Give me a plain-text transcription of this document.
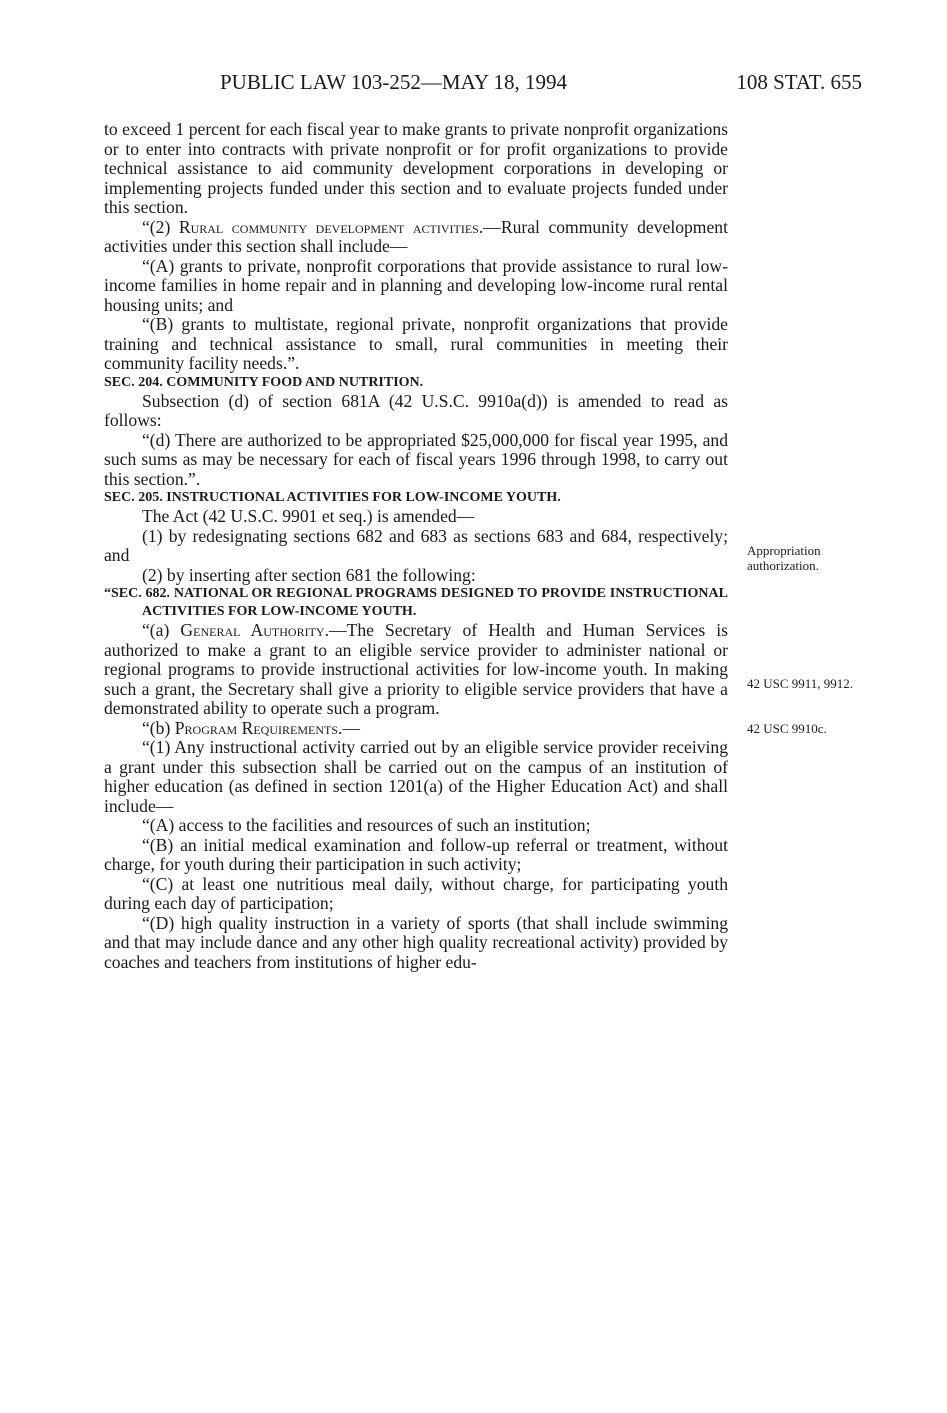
PUBLIC LAW 103-252—MAY 18, 1994	108 STAT. 655

to exceed 1 percent for each fiscal year to make grants to private nonprofit organizations or to enter into contracts with private nonprofit or for profit organizations to provide technical assistance to aid community development corporations in developing or implementing projects funded under this section and to evaluate projects funded under this section.

“(2) Rural community development activities.—Rural community development activities under this section shall include—

“(A) grants to private, nonprofit corporations that provide assistance to rural low-income families in home repair and in planning and developing low-income rural rental housing units; and

“(B) grants to multistate, regional private, nonprofit organizations that provide training and technical assistance to small, rural communities in meeting their community facility needs.”.

SEC. 204. COMMUNITY FOOD AND NUTRITION.

Subsection (d) of section 681A (42 U.S.C. 9910a(d)) is amended to read as follows:

“(d) There are authorized to be appropriated $25,000,000 for fiscal year 1995, and such sums as may be necessary for each of fiscal years 1996 through 1998, to carry out this section.”.

SEC. 205. INSTRUCTIONAL ACTIVITIES FOR LOW-INCOME YOUTH.

The Act (42 U.S.C. 9901 et seq.) is amended—

(1) by redesignating sections 682 and 683 as sections 683 and 684, respectively; and

(2) by inserting after section 681 the following:

“SEC. 682. NATIONAL OR REGIONAL PROGRAMS DESIGNED TO PROVIDE INSTRUCTIONAL ACTIVITIES FOR LOW-INCOME YOUTH.

“(a) General Authority.—The Secretary of Health and Human Services is authorized to make a grant to an eligible service provider to administer national or regional programs to provide instructional activities for low-income youth. In making such a grant, the Secretary shall give a priority to eligible service providers that have a demonstrated ability to operate such a program.

“(b) Program Requirements.—

“(1) Any instructional activity carried out by an eligible service provider receiving a grant under this subsection shall be carried out on the campus of an institution of higher education (as defined in section 1201(a) of the Higher Education Act) and shall include—

“(A) access to the facilities and resources of such an institution;

“(B) an initial medical examination and follow-up referral or treatment, without charge, for youth during their participation in such activity;

“(C) at least one nutritious meal daily, without charge, for participating youth during each day of participation;

“(D) high quality instruction in a variety of sports (that shall include swimming and that may include dance and any other high quality recreational activity) provided by coaches and teachers from institutions of higher edu-

Appropriation authorization.
42 USC 9911, 9912.
42 USC 9910c.
